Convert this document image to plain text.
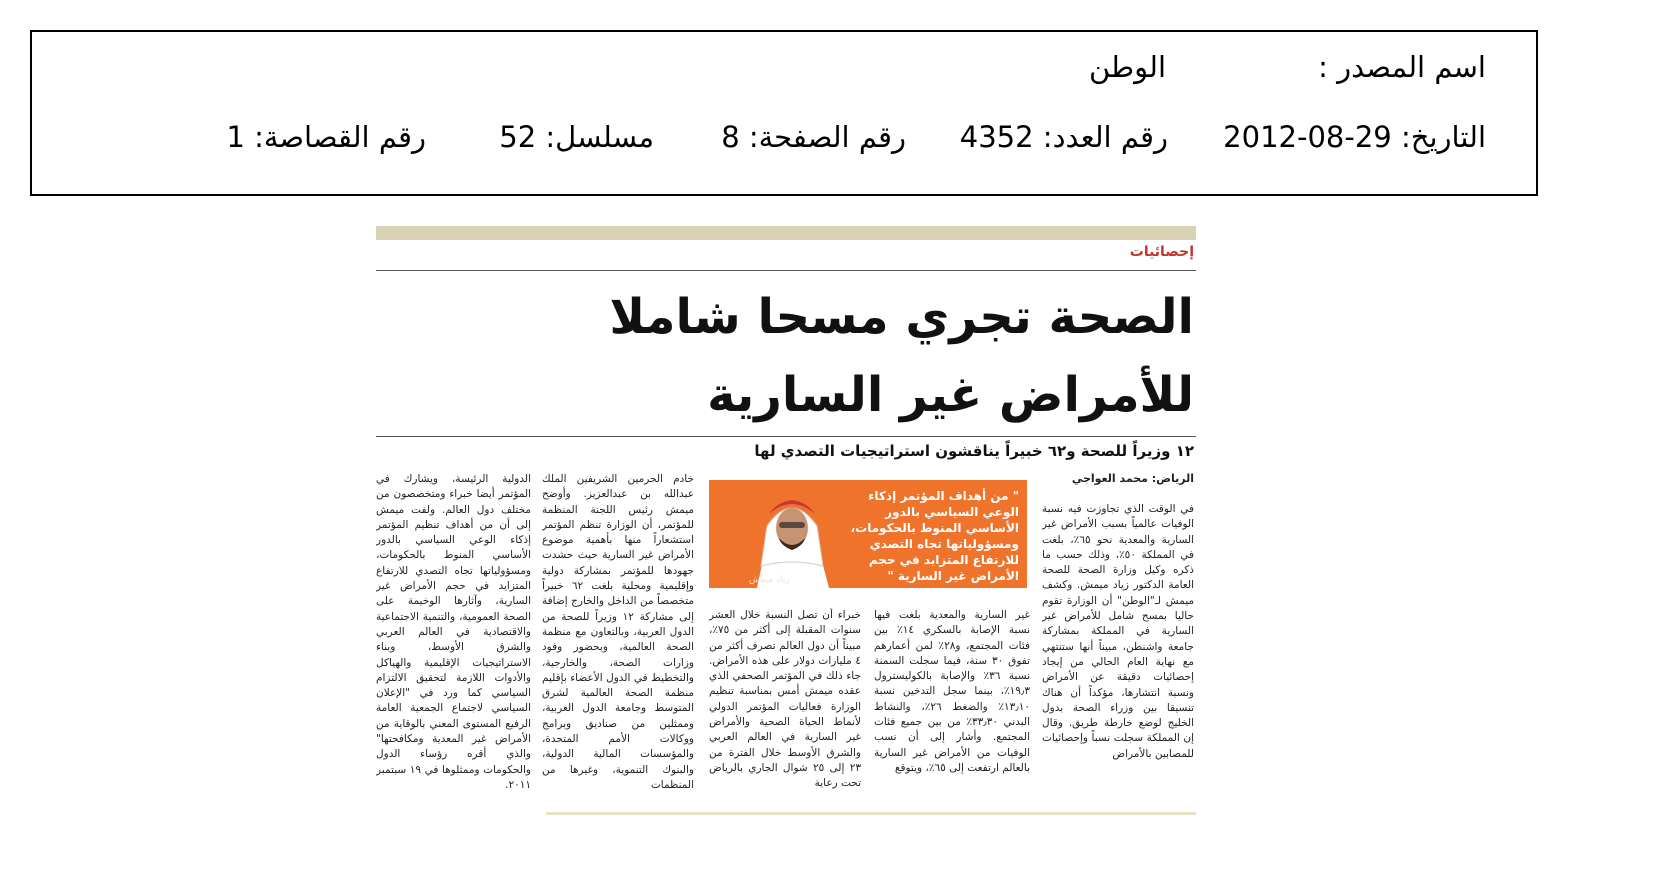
اسم المصدر :
الوطن
التاريخ: 29-08-2012
رقم العدد: 4352
رقم الصفحة: 8
مسلسل: 52
رقم القصاصة: 1
إحصائيات
الصحة تجري مسحا شاملا للأمراض غير السارية
١٢ وزيراً للصحة و٦٢ خبيراً يناقشون استراتيجيات التصدي لها
الرياض: محمد العواجي
في الوقت الذي تجاوزت فيه نسبة الوفيات عالمياً بسبب الأمراض غير السارية والمعدية نحو ٦٥٪، بلغت في المملكة ٥٠٪، وذلك حسب ما ذكره وكيل وزارة الصحة للصحة العامة الدكتور زياد ميمش. وكشف ميمش لـ"الوطن" أن الوزارة تقوم حاليا بمسح شامل للأمراض غير السارية في المملكة بمشاركة جامعة واشنطن، مبيناً أنها ستنتهي مع نهاية العام الحالي من إيجاد إحصائيات دقيقة عن الأمراض ونسبة انتشارها، مؤكداً أن هناك تنسيقا بين وزراء الصحة بدول الخليج لوضع خارطة طريق. وقال إن المملكة سجلت نسباً وإحصائيات للمصابين بالأمراض
غير السارية والمعدية بلغت فيها نسبة الإصابة بالسكري ١٤٪ بين فئات المجتمع، و٢٨٪ لمن أعمارهم تفوق ٣٠ سنة، فيما سجلت السمنة نسبة ٣٦٪ والإصابة بالكوليسترول ١٩٫٣٪، بينما سجل التدخين نسبة ١٣٫١٠٪ والضغط ٢٦٪، والنشاط البدني ٣٣٫٣٠٪ من بين جميع فئات المجتمع. وأشار إلى أن نسب الوفيات من الأمراض غير السارية بالعالم ارتفعت إلى ٦٥٪، ويتوقع
خبراء أن تصل النسبة خلال العشر سنوات المقبلة إلى أكثر من ٧٥٪، مبيناً أن دول العالم تصرف أكثر من ٤ مليارات دولار على هذه الأمراض. جاء ذلك في المؤتمر الصحفي الذي عقده ميمش أمس بمناسبة تنظيم الوزارة فعاليات المؤتمر الدولي لأنماط الحياة الصحية والأمراض غير السارية في العالم العربي والشرق الأوسط خلال الفترة من ٢٣ إلى ٢٥ شوال الجاري بالرياض تحت رعاية
خادم الحرمين الشريفين الملك عبدالله بن عبدالعزيز. وأوضح ميمش رئيس اللجنة المنظمة للمؤتمر، أن الوزارة تنظم المؤتمر استشعاراً منها بأهمية موضوع الأمراض غير السارية حيث حشدت جهودها للمؤتمر بمشاركة دولية وإقليمية ومحلية بلغت ٦٢ خبيراً متخصصاً من الداخل والخارج إضافة إلى مشاركة ١٢ وزيراً للصحة من الدول العربية، وبالتعاون مع منظمة الصحة العالمية، وبحضور وفود وزارات الصحة، والخارجية، والتخطيط في الدول الأعضاء بإقليم منظمة الصحة العالمية لشرق المتوسط وجامعة الدول العربية، وممثلين من صناديق وبرامج ووكالات الأمم المتحدة، والمؤسسات المالية الدولية، والبنوك التنموية، وغيرها من المنظمات
الدولية الرئيسة، ويشارك في المؤتمر أيضا خبراء ومتخصصون من مختلف دول العالم. ولفت ميمش إلى أن من أهداف تنظيم المؤتمر إذكاء الوعي السياسي بالدور الأساسي المنوط بالحكومات، ومسؤولياتها تجاه التصدي للارتفاع المتزايد في حجم الأمراض غير السارية، وآثارها الوخيمة على الصحة العمومية، والتنمية الاجتماعية والاقتصادية في العالم العربي والشرق الأوسط، وبناء الاستراتيجيات الإقليمية والهياكل والأدوات اللازمة لتحقيق الالتزام السياسي كما ورد في "الإعلان السياسي لاجتماع الجمعية العامة الرفيع المستوى المعني بالوقاية من الأمراض غير المعدية ومكافحتها" والذي أقره رؤساء الدول والحكومات وممثلوها في ١٩ سبتمبر ٢٠١١.
" من أهداف المؤتمر إذكاء الوعي السياسي بالدور الأساسي المنوط بالحكومات، ومسؤولياتها تجاه التصدي للارتفاع المتزايد في حجم الأمراض غير السارية "
زياد ميمش
